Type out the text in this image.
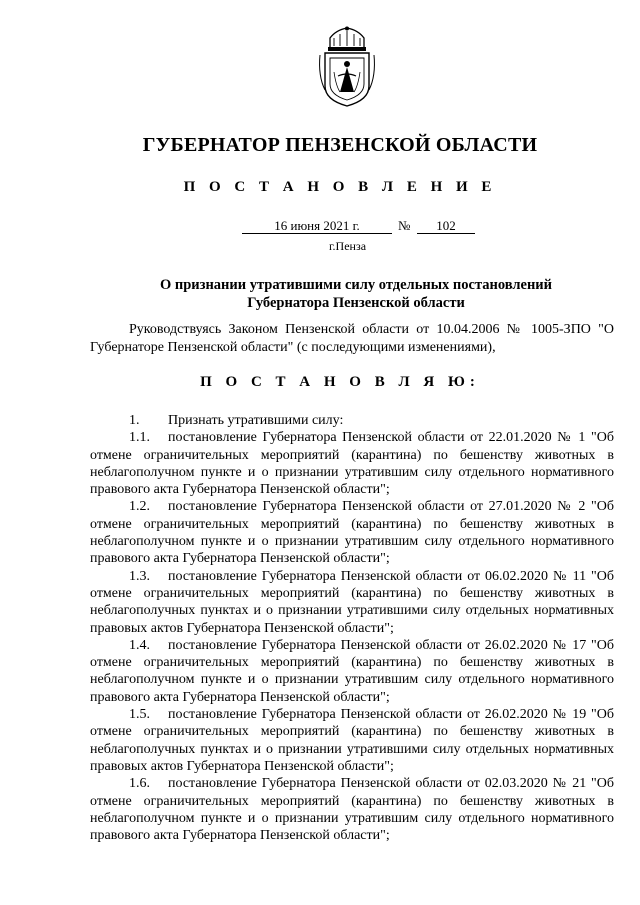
ГУБЕРНАТОР ПЕНЗЕНСКОЙ ОБЛАСТИ
П О С Т А Н О В Л Е Н И Е
16 июня 2021 г.	№	102
г.Пенза
О признании утратившими силу отдельных постановлений
Губернатора Пензенской области
Руководствуясь Законом Пензенской области от 10.04.2006 № 1005-ЗПО "О Губернаторе Пензенской области" (с последующими изменениями),
П О С Т А Н О В Л Я Ю:

1. Признать утратившими силу:

1.1. постановление Губернатора Пензенской области от 22.01.2020 № 1 "Об отмене ограничительных мероприятий (карантина) по бешенству животных в неблагополучном пункте и о признании утратившим силу отдельного нормативного правового акта Губернатора Пензенской области";

1.2. постановление Губернатора Пензенской области от 27.01.2020 № 2 "Об отмене ограничительных мероприятий (карантина) по бешенству животных в неблагополучном пункте и о признании утратившим силу отдельного нормативного правового акта Губернатора Пензенской области";

1.3. постановление Губернатора Пензенской области от 06.02.2020 № 11 "Об отмене ограничительных мероприятий (карантина) по бешенству животных в неблагополучных пунктах и о признании утратившими силу отдельных нормативных правовых актов Губернатора Пензенской области";

1.4. постановление Губернатора Пензенской области от 26.02.2020 № 17 "Об отмене ограничительных мероприятий (карантина) по бешенству животных в неблагополучном пункте и о признании утратившим силу отдельного нормативного правового акта Губернатора Пензенской области";

1.5. постановление Губернатора Пензенской области от 26.02.2020 № 19 "Об отмене ограничительных мероприятий (карантина) по бешенству животных в неблагополучных пунктах и о признании утратившими силу отдельных нормативных правовых актов Губернатора Пензенской области";

1.6. постановление Губернатора Пензенской области от 02.03.2020 № 21 "Об отмене ограничительных мероприятий (карантина) по бешенству животных в неблагополучном пункте и о признании утратившим силу отдельного нормативного правового акта Губернатора Пензенской области";
